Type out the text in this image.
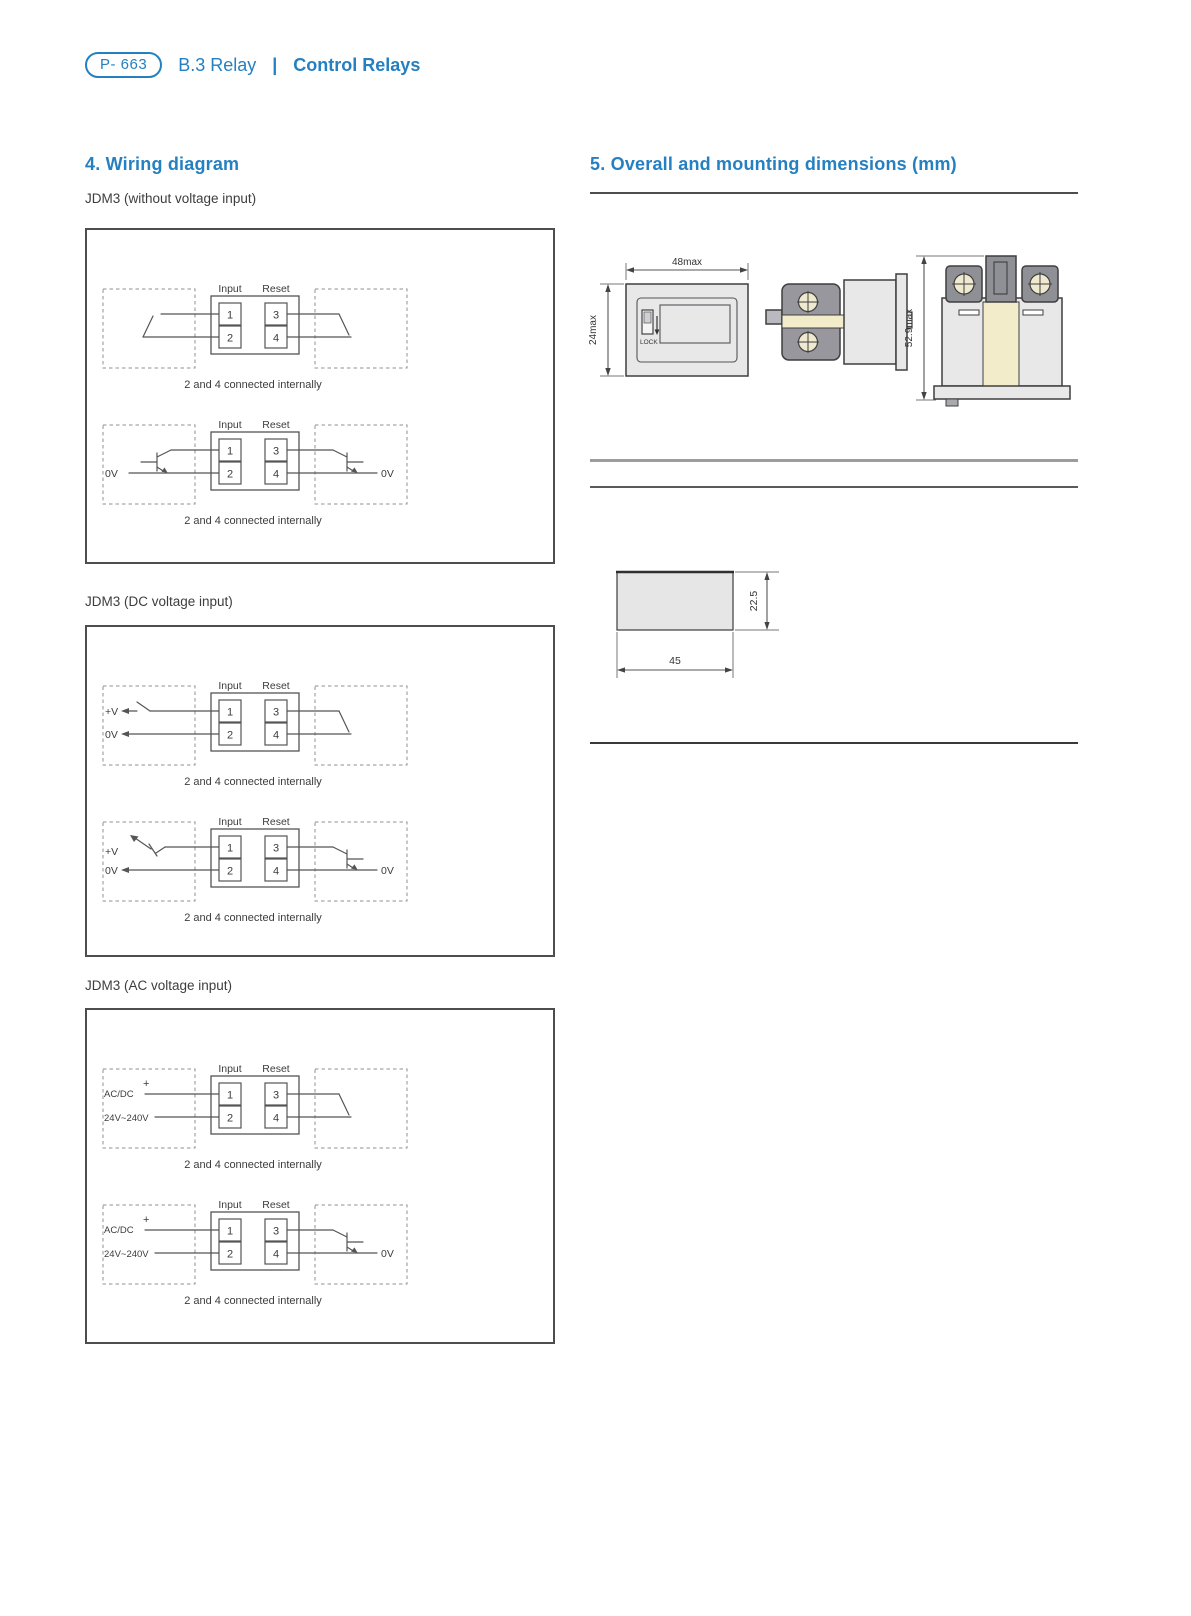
P- 663	B.3 Relay | Control Relays
4. Wiring diagram
JDM3 (without voltage input)
Input Reset
1
2
3
4
2 and 4 connected internally
Input Reset
1
2
3
4
0V	0V
2 and 4 connected internally
JDM3 (DC voltage input)
Input Reset
1
2
3
4
+V
0V
2 and 4 connected internally
Input Reset
1
2
3
4
+V
0V	0V
2 and 4 connected internally
JDM3 (AC voltage input)
Input Reset
1
2
3
4
AC/DC
+
24V~240V
2 and 4 connected internally
Input Reset
1
2
3
4
AC/DC
+
24V~240V	0V
2 and 4 connected internally
5. Overall and mounting dimensions (mm)
48max
24max	LOCK	52.9max
22.5
45
